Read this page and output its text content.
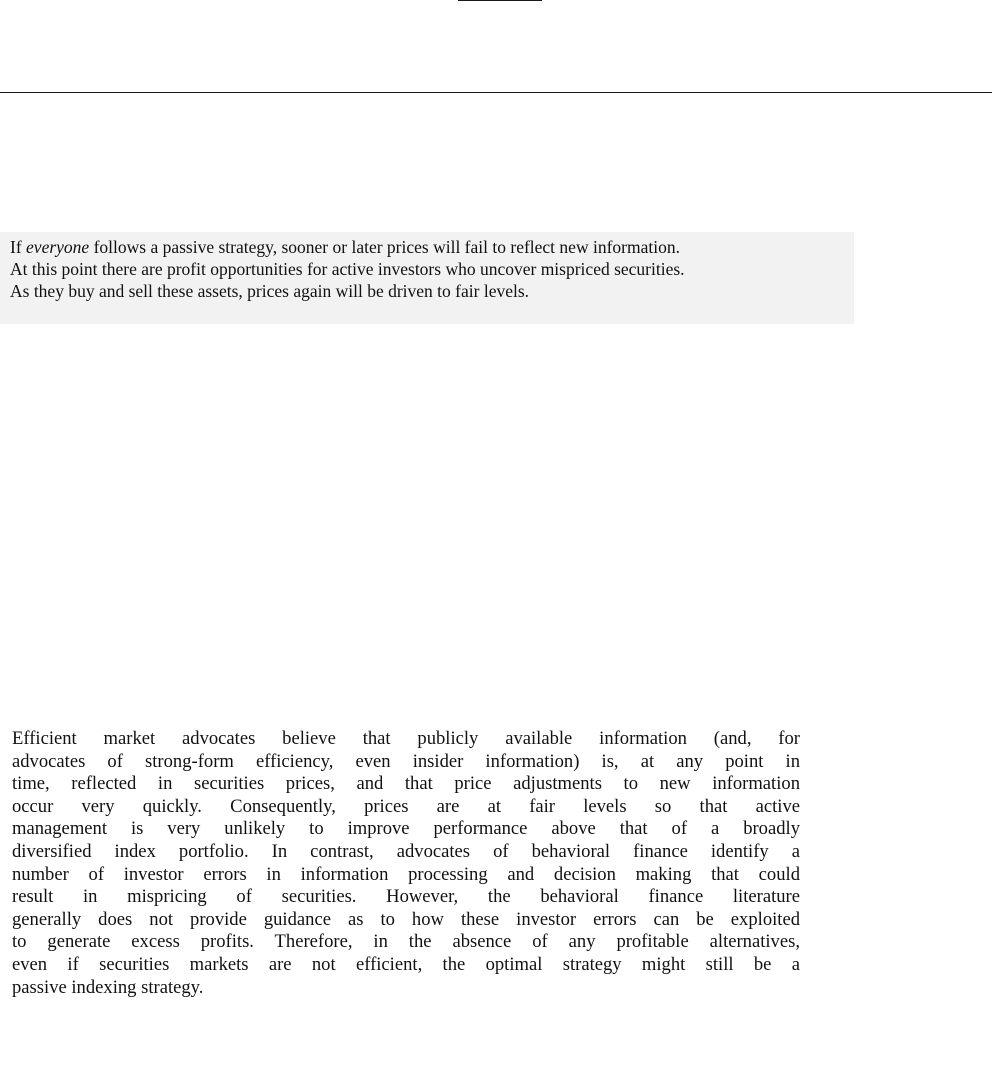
If everyone follows a passive strategy, sooner or later prices will fail to reflect new information.
At this point there are profit opportunities for active investors who uncover mispriced securities.
As they buy and sell these assets, prices again will be driven to fair levels.

Efficient market advocates believe that publicly available information (and, for
advocates of strong-form efficiency, even insider information) is, at any point in
time, reflected in securities prices, and that price adjustments to new information
occur very quickly. Consequently, prices are at fair levels so that active
management is very unlikely to improve performance above that of a broadly
diversified index portfolio. In contrast, advocates of behavioral finance identify a
number of investor errors in information processing and decision making that could
result in mispricing of securities. However, the behavioral finance literature
generally does not provide guidance as to how these investor errors can be exploited
to generate excess profits. Therefore, in the absence of any profitable alternatives,
even if securities markets are not efficient, the optimal strategy might still be a
passive indexing strategy.
